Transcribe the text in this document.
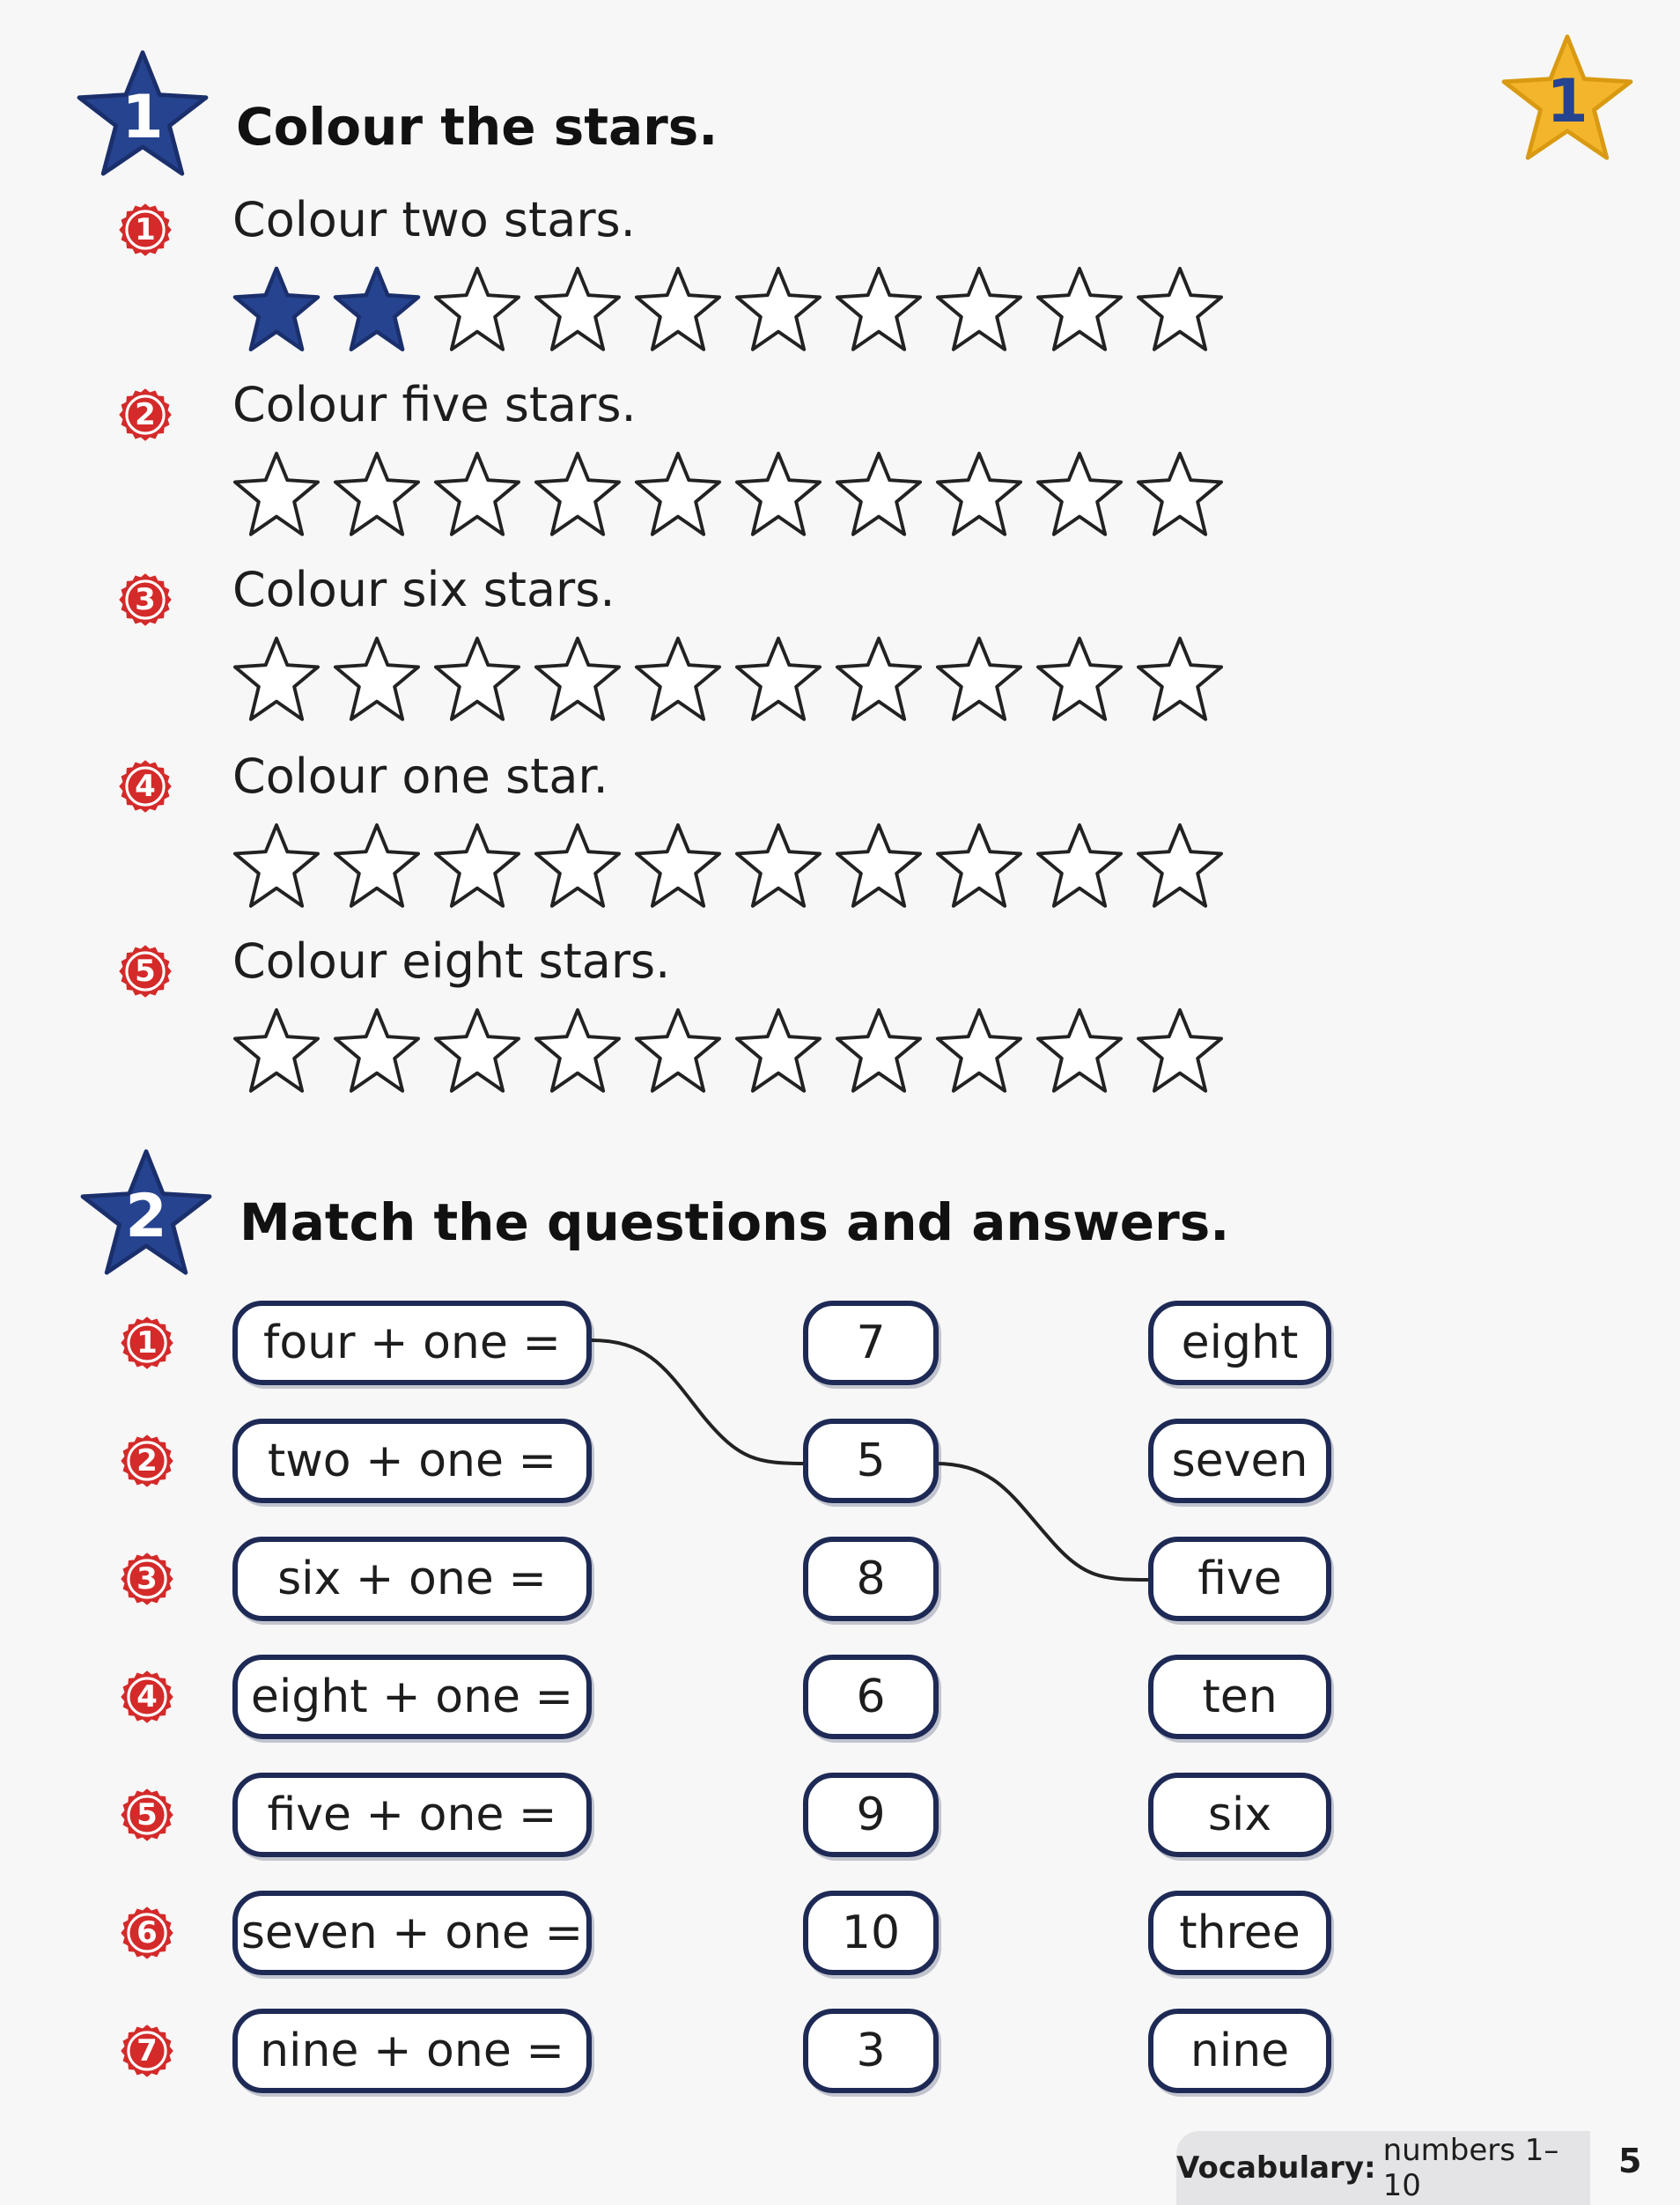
1	Colour the stars.	1
1	Colour two stars.
2	Colour five stars.
3	Colour six stars.
4	Colour one star.
5	Colour eight stars.
2	Match the questions and answers.
1	four + one =	7	eight
2	two + one =	5	seven
3	six + one =	8	five
4	eight + one =	6	ten
5	five + one =	9	six
6	seven + one =	10	three
7	nine + one =	3	nine
Vocabulary: numbers 1–10
5
